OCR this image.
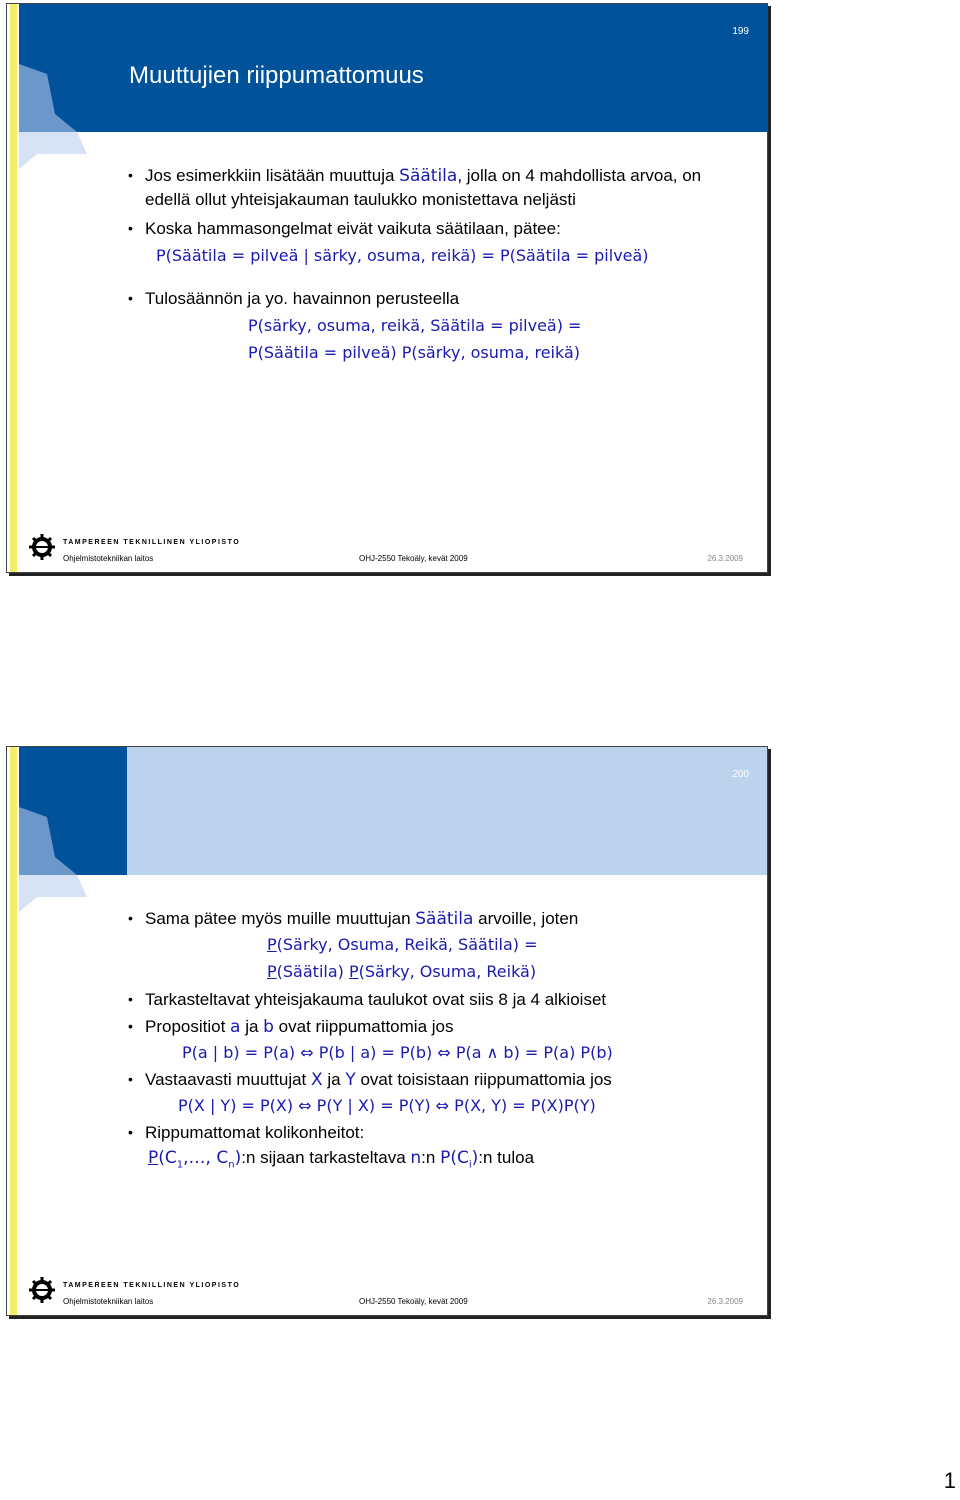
199
Muuttujien riippumattomuus
• Jos esimerkkiin lisätään muuttuja Säätila, jolla on 4 mahdollista arvoa, on edellä ollut yhteisjakauman taulukko monistettava neljästi
• Koska hammasongelmat eivät vaikuta säätilaan, pätee:
P(Säätila = pilveä | särky, osuma, reikä) = P(Säätila = pilveä)
• Tulosäännön ja yo. havainnon perusteella
P(särky, osuma, reikä, Säätila = pilveä) =
P(Säätila = pilveä) P(särky, osuma, reikä)
TAMPEREEN TEKNILLINEN YLIOPISTO
Ohjelmistotekniikan laitos	OHJ-2550 Tekoäly, kevät 2009	26.3.2009
200
• Sama pätee myös muille muuttujan Säätila arvoille, joten
P(Särky, Osuma, Reikä, Säätila) =
P(Säätila) P(Särky, Osuma, Reikä)
• Tarkasteltavat yhteisjakauma taulukot ovat siis 8 ja 4 alkioiset
• Propositiot a ja b ovat riippumattomia jos
P(a | b) = P(a) ⇔ P(b | a) = P(b) ⇔ P(a ∧ b) = P(a) P(b)
• Vastaavasti muuttujat X ja Y ovat toisistaan riippumattomia jos
P(X | Y) = P(X) ⇔ P(Y | X) = P(Y) ⇔ P(X, Y) = P(X)P(Y)
• Rippumattomat kolikonheitot:
$P(C_1,\dots$, $C_n):n$ sijaan tarkasteltava n:n $P(C_i):n$ tuloa
TAMPEREEN TEKNILLINEN YLIOPISTO
Ohjelmistotekniikan laitos	OHJ-2550 Tekoäly, kevät 2009	26.3.2009
1
